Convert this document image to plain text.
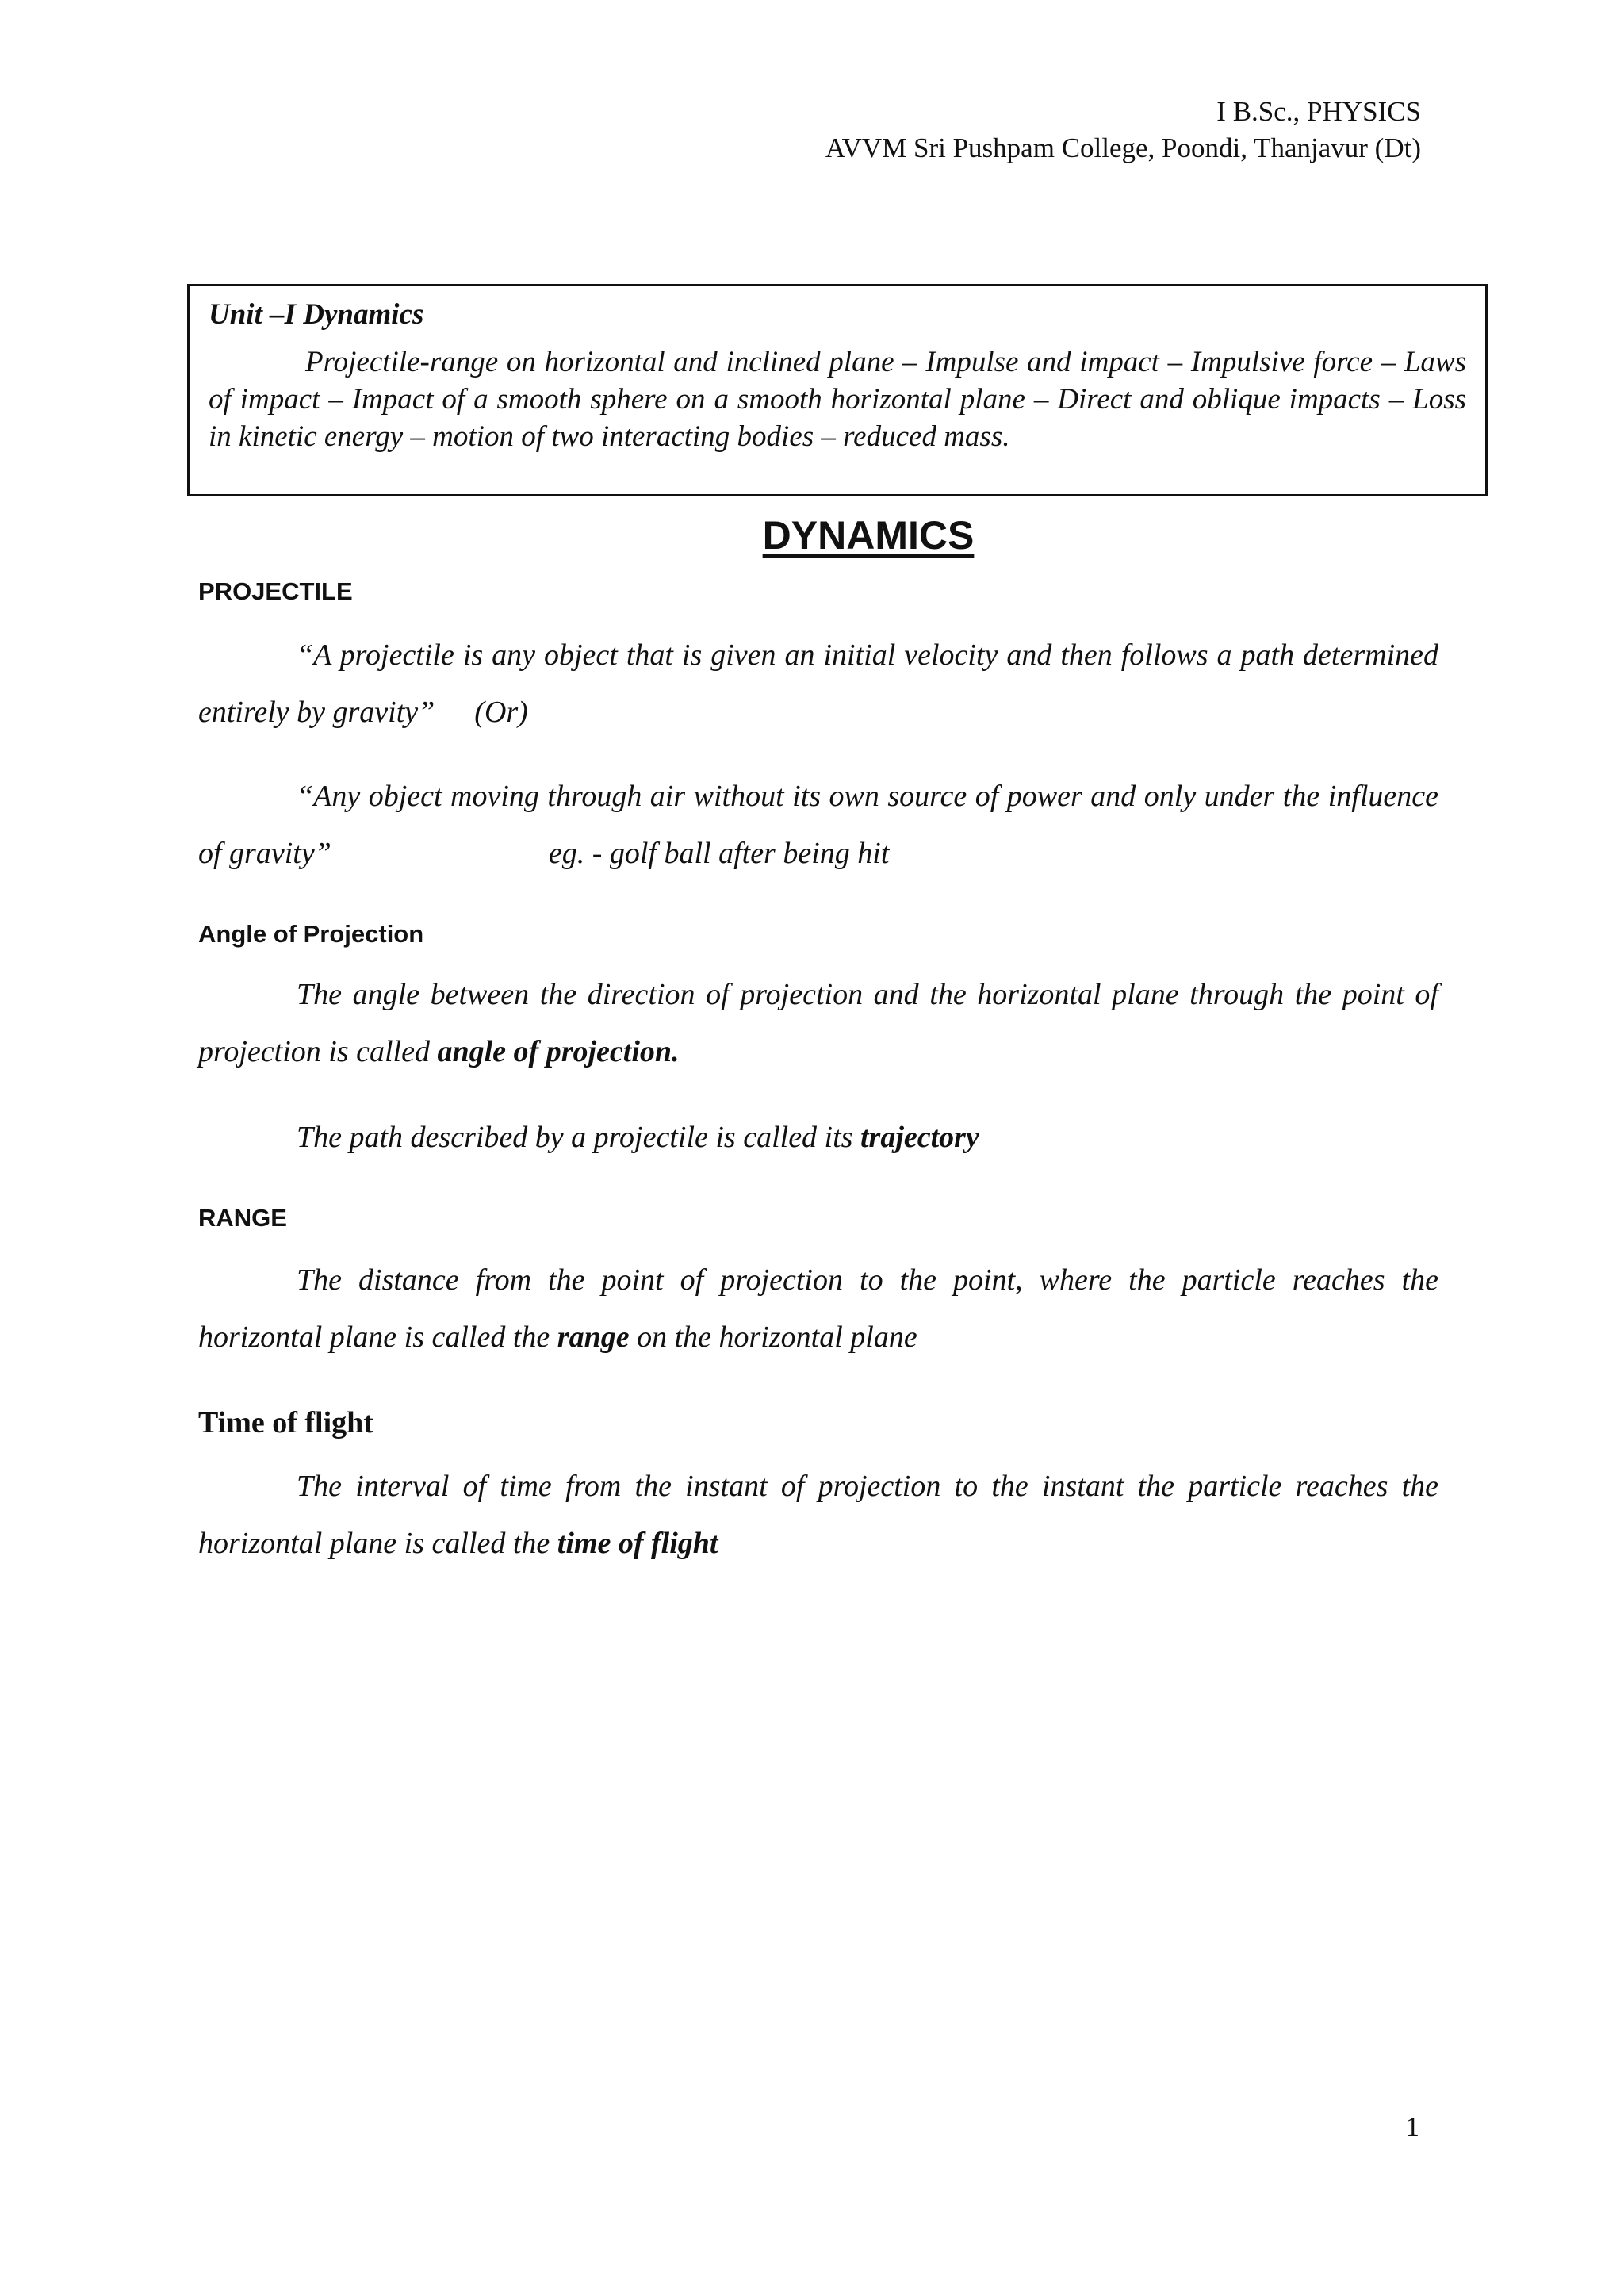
I B.Sc., PHYSICS
AVVM Sri Pushpam College, Poondi, Thanjavur (Dt)
Unit –I Dynamics
Projectile-range on horizontal and inclined plane – Impulse and impact – Impulsive force – Laws of impact – Impact of a smooth sphere on a smooth horizontal plane – Direct and oblique impacts – Loss in kinetic energy – motion of two interacting bodies – reduced mass.
DYNAMICS
PROJECTILE
“A projectile is any object that is given an initial velocity and then follows a path determined entirely by gravity” (Or)
“Any object moving through air without its own source of power and only under the influence of gravity”	eg. - golf ball after being hit
Angle of Projection
The angle between the direction of projection and the horizontal plane through the point of projection is called angle of projection.
The path described by a projectile is called its trajectory
RANGE
The distance from the point of projection to the point, where the particle reaches the horizontal plane is called the range on the horizontal plane
Time of flight
The interval of time from the instant of projection to the instant the particle reaches the horizontal plane is called the time of flight
1
